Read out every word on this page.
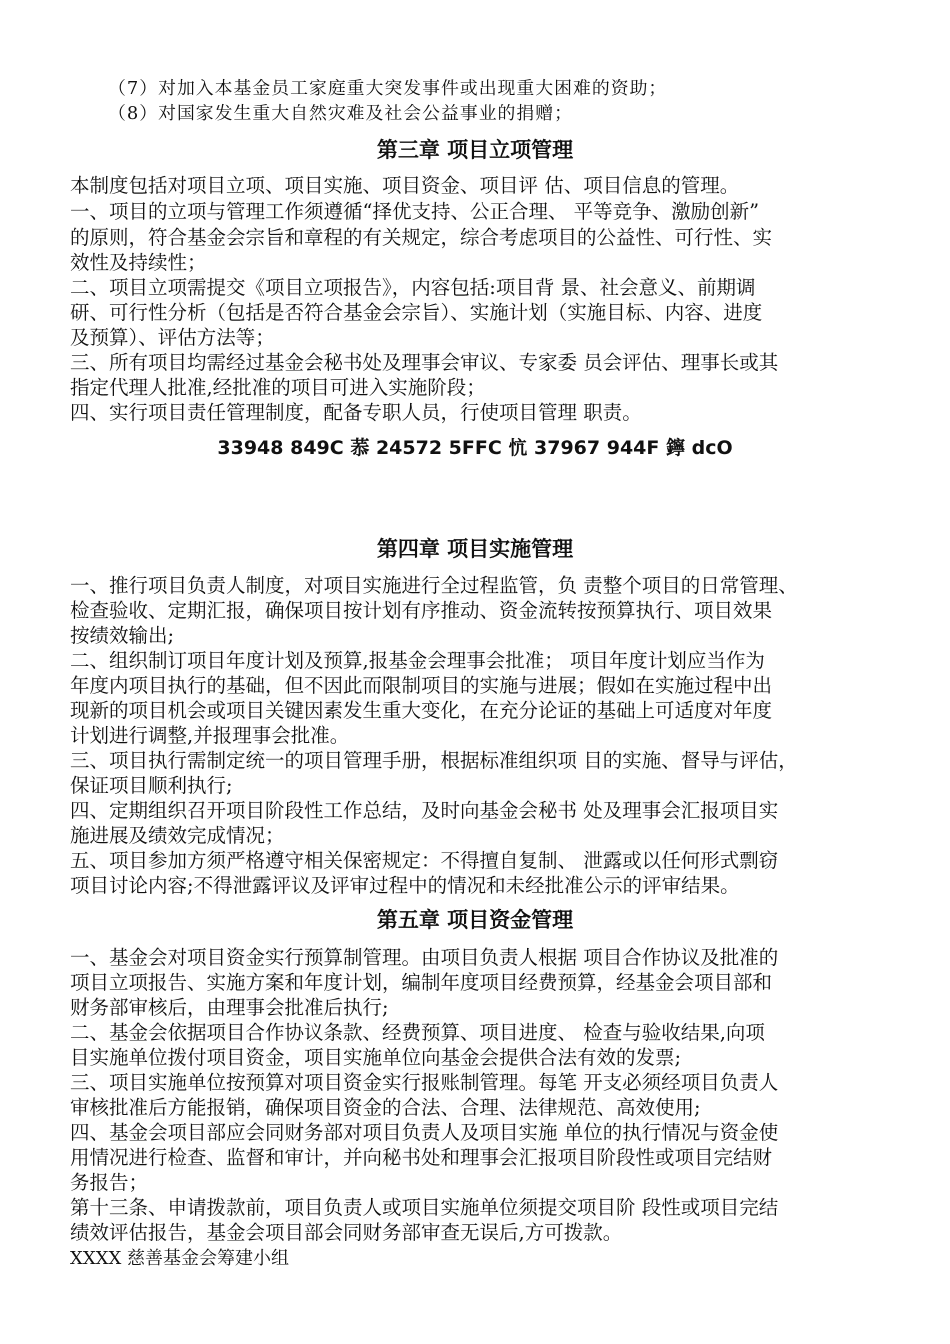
（7）对加入本基金员工家庭重大突发事件或出现重大困难的资助；
（8）对国家发生重大自然灾难及社会公益事业的捐赠；
第三章 项目立项管理
本制度包括对项目立项、项目实施、项目资金、项目评 估、项目信息的管理。
一、项目的立项与管理工作须遵循“择优支持、公正合理、 平等竞争、激励创新”
的原则，符合基金会宗旨和章程的有关规定，综合考虑项目的公益性、可行性、实
效性及持续性；
二、项目立项需提交《项目立项报告》，内容包括:项目背 景、社会意义、前期调
研、可行性分析（包括是否符合基金会宗旨）、实施计划（实施目标、内容、进度
及预算）、评估方法等；
三、所有项目均需经过基金会秘书处及理事会审议、专家委 员会评估、理事长或其
指定代理人批准,经批准的项目可进入实施阶段；
四、实行项目责任管理制度，配备专职人员，行使项目管理 职责。
33948 849C 菾 24572 5FFC 忼 37967 944F 鑏 dcO
第四章 项目实施管理
一、推行项目负责人制度，对项目实施进行全过程监管，负 责整个项目的日常管理、
检查验收、定期汇报，确保项目按计划有序推动、资金流转按预算执行、项目效果
按绩效输出;
二、组织制订项目年度计划及预算,报基金会理事会批准； 项目年度计划应当作为
年度内项目执行的基础，但不因此而限制项目的实施与进展；假如在实施过程中出
现新的项目机会或项目关键因素发生重大变化，在充分论证的基础上可适度对年度
计划进行调整,并报理事会批准。
三、项目执行需制定统一的项目管理手册，根据标准组织项 目的实施、督导与评估，
保证项目顺利执行;
四、定期组织召开项目阶段性工作总结，及时向基金会秘书 处及理事会汇报项目实
施进展及绩效完成情况；
五、项目参加方须严格遵守相关保密规定：不得擅自复制、 泄露或以任何形式剽窃
项目讨论内容;不得泄露评议及评审过程中的情况和未经批准公示的评审结果。
第五章 项目资金管理
一、基金会对项目资金实行预算制管理。由项目负责人根据 项目合作协议及批准的
项目立项报告、实施方案和年度计划，编制年度项目经费预算，经基金会项目部和
财务部审核后，由理事会批准后执行;
二、基金会依据项目合作协议条款、经费预算、项目进度、 检查与验收结果,向项
目实施单位拨付项目资金，项目实施单位向基金会提供合法有效的发票;
三、项目实施单位按预算对项目资金实行报账制管理。每笔 开支必须经项目负责人
审核批准后方能报销，确保项目资金的合法、合理、法律规范、高效使用;
四、基金会项目部应会同财务部对项目负责人及项目实施 单位的执行情况与资金使
用情况进行检查、监督和审计，并向秘书处和理事会汇报项目阶段性或项目完结财
务报告；
第十三条、申请拨款前，项目负责人或项目实施单位须提交项目阶 段性或项目完结
绩效评估报告，基金会项目部会同财务部审查无误后,方可拨款。
XXXX 慈善基金会筹建小组
